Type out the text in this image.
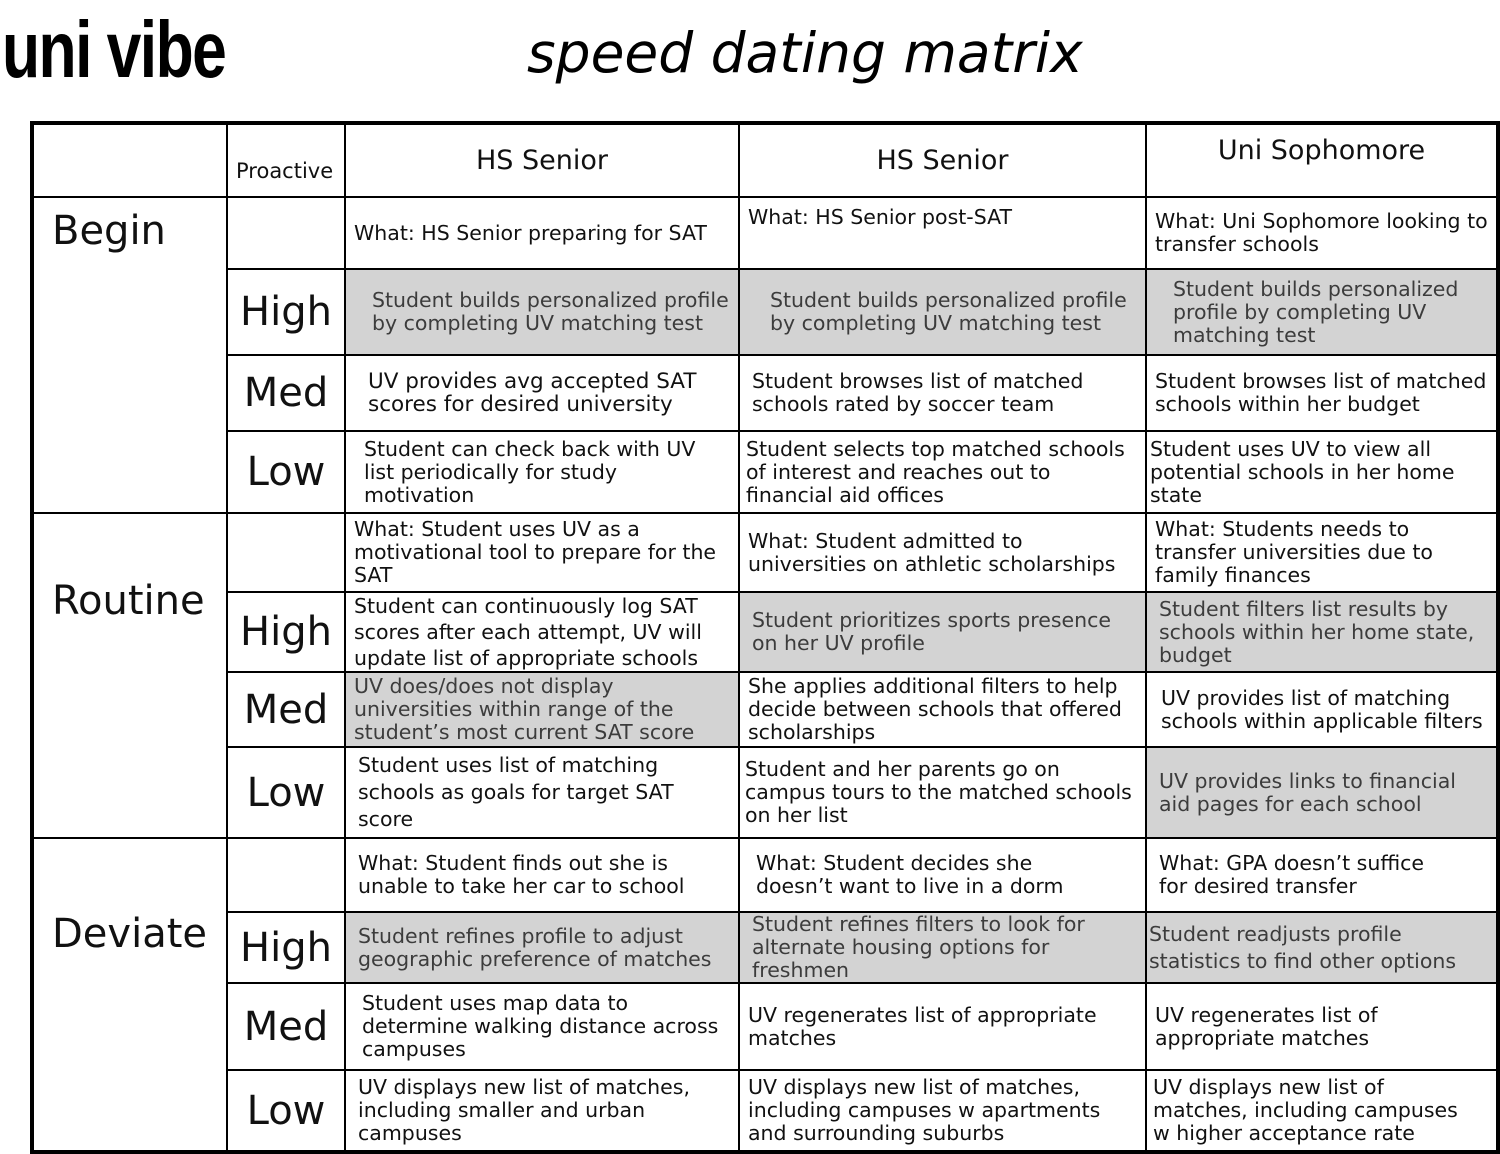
uni vibe	speed dating matrix
	Proactive	HS Senior	HS Senior	Uni Sophomore
Begin		What: HS Senior preparing for SAT	What: HS Senior post-SAT	What: Uni Sophomore looking to transfer schools
	High	Student builds personalized profile by completing UV matching test	Student builds personalized profile by completing UV matching test	Student builds personalized profile by completing UV matching test
	Med	UV provides avg accepted SAT scores for desired university	Student browses list of matched schools rated by soccer team	Student browses list of matched schools within her budget
	Low	Student can check back with UV list periodically for study motivation	Student selects top matched schools of interest and reaches out to financial aid offices	Student uses UV to view all potential schools in her home state
Routine		What: Student uses UV as a motivational tool to prepare for the SAT	What: Student admitted to universities on athletic scholarships	What: Students needs to transfer universities due to family finances
	High	Student can continuously log SAT scores after each attempt, UV will update list of appropriate schools	Student prioritizes sports presence on her UV profile	Student filters list results by schools within her home state, budget
	Med	UV does/does not display universities within range of the student’s most current SAT score	She applies additional filters to help decide between schools that offered scholarships	UV provides list of matching schools within applicable filters
	Low	Student uses list of matching schools as goals for target SAT score	Student and her parents go on campus tours to the matched schools on her list	UV provides links to financial aid pages for each school
Deviate		What: Student finds out she is unable to take her car to school	What: Student decides she doesn’t want to live in a dorm	What: GPA doesn’t suffice for desired transfer
	High	Student refines profile to adjust geographic preference of matches	Student refines filters to look for alternate housing options for freshmen	Student readjusts profile statistics to find other options
	Med	Student uses map data to determine walking distance across campuses	UV regenerates list of appropriate matches	UV regenerates list of appropriate matches
	Low	UV displays new list of matches, including smaller and urban campuses	UV displays new list of matches, including campuses w apartments and surrounding suburbs	UV displays new list of matches, including campuses w higher acceptance rate
